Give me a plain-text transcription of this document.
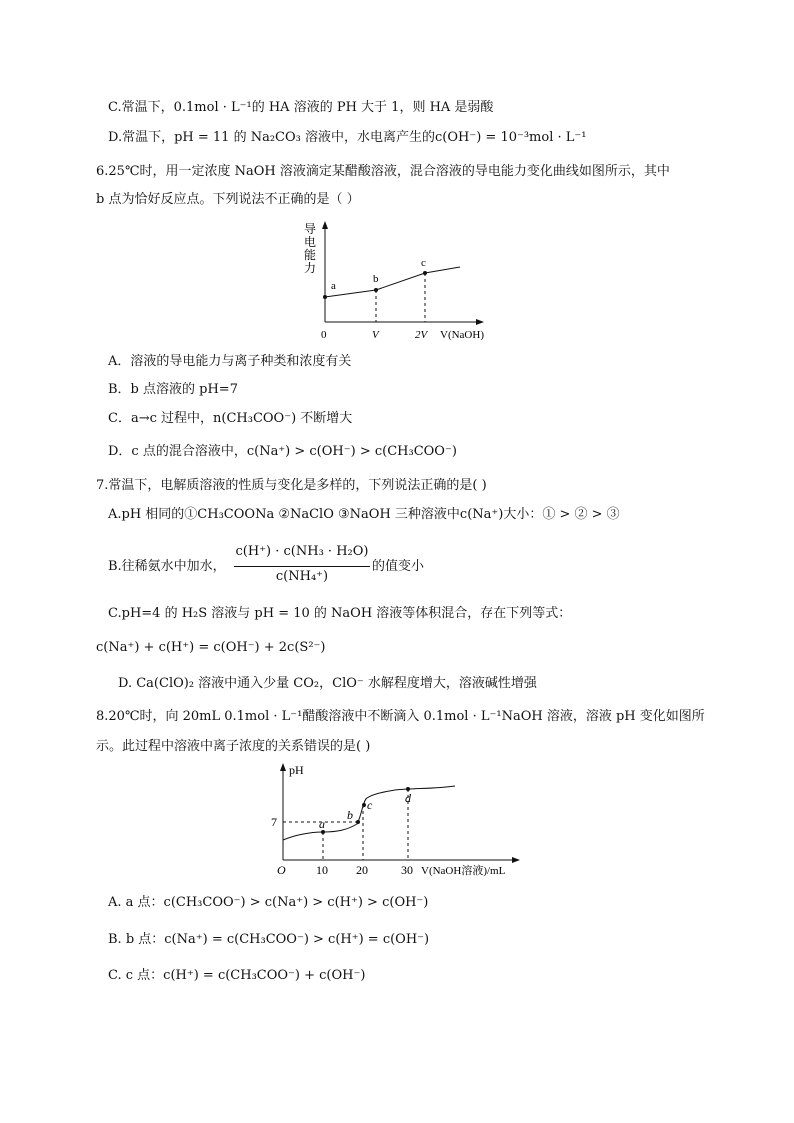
C.常温下，0.1mol · L⁻¹的 HA 溶液的 PH 大于 1，则 HA 是弱酸
D.常温下，pH = 11 的 Na₂CO₃ 溶液中，水电离产生的c(OH⁻) = 10⁻³mol · L⁻¹
6.25℃时，用一定浓度 NaOH 溶液滴定某醋酸溶液，混合溶液的导电能力变化曲线如图所示，其中
b 点为恰好反应点。下列说法不正确的是（ ）
导
电
能
力
a
b
c
0	V	2V V(NaOH)
A．溶液的导电能力与离子种类和浓度有关
B．b 点溶液的 pH=7
C．a→c 过程中，n(CH₃COO⁻) 不断增大
D．c 点的混合溶液中，c(Na⁺) > c(OH⁻) > c(CH₃COO⁻)
7.常温下，电解质溶液的性质与变化是多样的，下列说法正确的是( )
A.pH 相同的①CH₃COONa ②NaClO ③NaOH 三种溶液中c(Na⁺)大小：① > ② > ③
B.往稀氨水中加水，
c(H⁺) · c(NH₃ · H₂O)
c(NH₄⁺)
的值变小
C.pH=4 的 H₂S 溶液与 pH = 10 的 NaOH 溶液等体积混合，存在下列等式：
c(Na⁺) + c(H⁺) = c(OH⁻) + 2c(S²⁻)
D. Ca(ClO)₂ 溶液中通入少量 CO₂，ClO⁻ 水解程度增大，溶液碱性增强
8.20℃时，向 20mL 0.1mol · L⁻¹醋酸溶液中不断滴入 0.1mol · L⁻¹NaOH 溶液，溶液 pH 变化如图所
示。此过程中溶液中离子浓度的关系错误的是( )
pH
7	a
b
c	d
O	10 20	30 V(NaOH溶液)/mL
A. a 点：c(CH₃COO⁻) > c(Na⁺) > c(H⁺) > c(OH⁻)
B. b 点：c(Na⁺) = c(CH₃COO⁻) > c(H⁺) = c(OH⁻)
C. c 点：c(H⁺) = c(CH₃COO⁻) + c(OH⁻)
